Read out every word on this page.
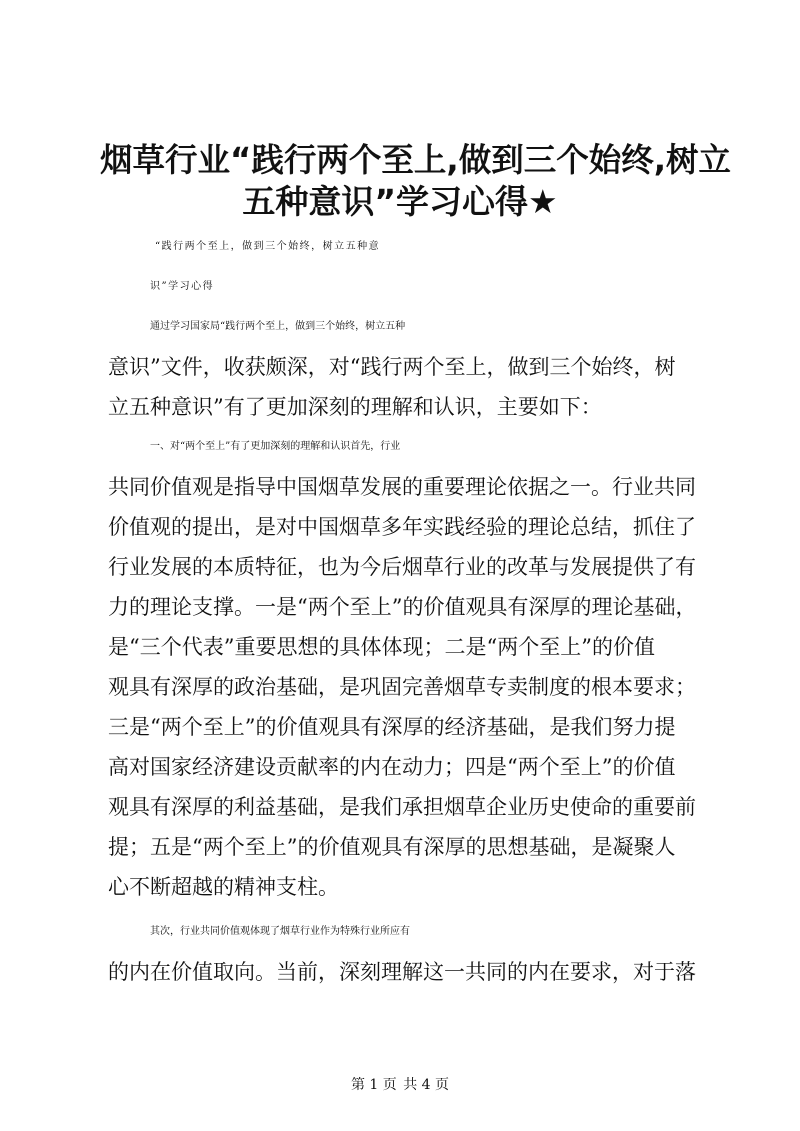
烟草行业“践行两个至上,做到三个始终,树立
五种意识”学习心得★

“践行两个至上，做到三个始终，树立五种意

识”学习心得

通过学习国家局“践行两个至上，做到三个始终，树立五种

意识”文件，收获颇深，对“践行两个至上，做到三个始终，树

立五种意识”有了更加深刻的理解和认识，主要如下：

一、对“两个至上”有了更加深刻的理解和认识首先，行业

共同价值观是指导中国烟草发展的重要理论依据之一。行业共同

价值观的提出，是对中国烟草多年实践经验的理论总结，抓住了

行业发展的本质特征，也为今后烟草行业的改革与发展提供了有

力的理论支撑。一是“两个至上”的价值观具有深厚的理论基础，

是“三个代表”重要思想的具体体现；二是“两个至上”的价值

观具有深厚的政治基础，是巩固完善烟草专卖制度的根本要求；

三是“两个至上”的价值观具有深厚的经济基础，是我们努力提

高对国家经济建设贡献率的内在动力；四是“两个至上”的价值

观具有深厚的利益基础，是我们承担烟草企业历史使命的重要前

提；五是“两个至上”的价值观具有深厚的思想基础，是凝聚人

心不断超越的精神支柱。

其次，行业共同价值观体现了烟草行业作为特殊行业所应有

的内在价值取向。当前，深刻理解这一共同的内在要求，对于落

第 1 页 共 4 页
